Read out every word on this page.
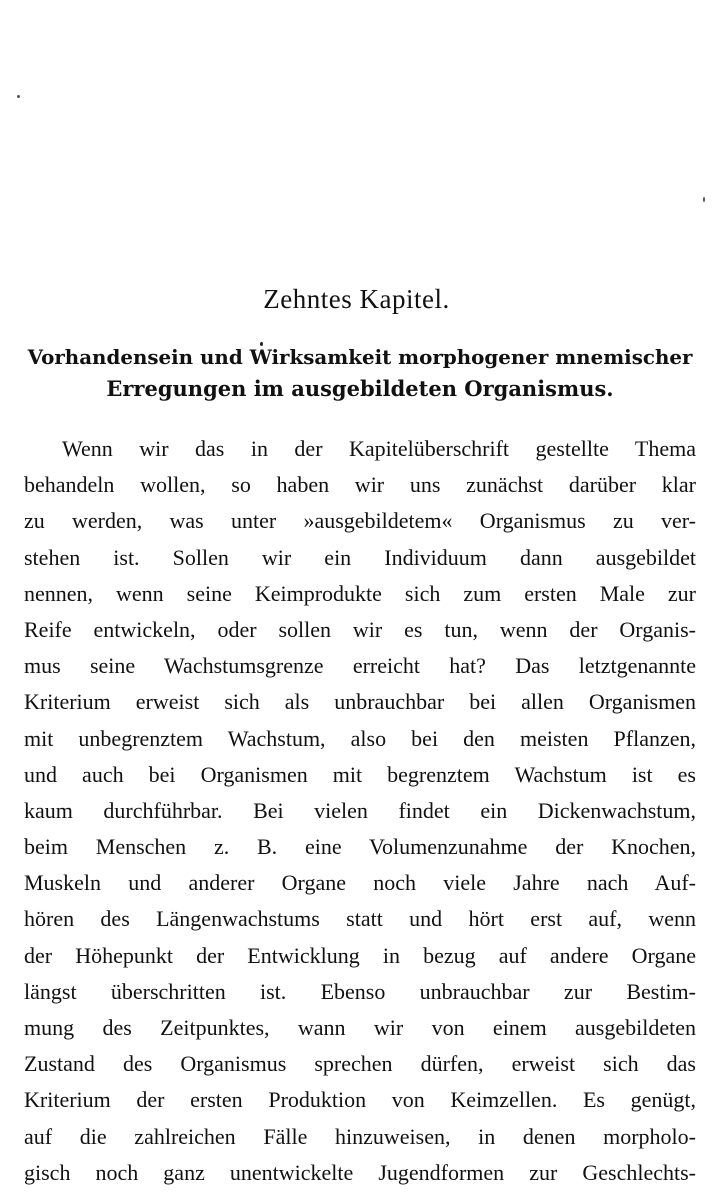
Zehntes Kapitel.
Vorhandensein und Wirksamkeit morphogener mnemischer
Erregungen im ausgebildeten Organismus.
Wenn wir das in der Kapitelüberschrift gestellte Thema
behandeln wollen, so haben wir uns zunächst darüber klar
zu werden, was unter »ausgebildetem« Organismus zu ver-
stehen ist. Sollen wir ein Individuum dann ausgebildet
nennen, wenn seine Keimprodukte sich zum ersten Male zur
Reife entwickeln, oder sollen wir es tun, wenn der Organis-
mus seine Wachstumsgrenze erreicht hat? Das letztgenannte
Kriterium erweist sich als unbrauchbar bei allen Organismen
mit unbegrenztem Wachstum, also bei den meisten Pflanzen,
und auch bei Organismen mit begrenztem Wachstum ist es
kaum durchführbar. Bei vielen findet ein Dickenwachstum,
beim Menschen z. B. eine Volumenzunahme der Knochen,
Muskeln und anderer Organe noch viele Jahre nach Auf-
hören des Längenwachstums statt und hört erst auf, wenn
der Höhepunkt der Entwicklung in bezug auf andere Organe
längst überschritten ist. Ebenso unbrauchbar zur Bestim-
mung des Zeitpunktes, wann wir von einem ausgebildeten
Zustand des Organismus sprechen dürfen, erweist sich das
Kriterium der ersten Produktion von Keimzellen. Es genügt,
auf die zahlreichen Fälle hinzuweisen, in denen morpholo-
gisch noch ganz unentwickelte Jugendformen zur Geschlechts-
